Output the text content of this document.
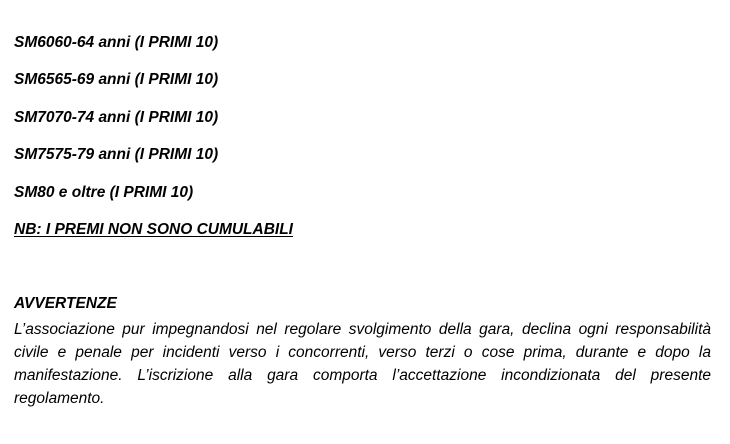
SM6060-64 anni (I PRIMI 10)
SM6565-69 anni (I PRIMI 10)
SM7070-74 anni (I PRIMI 10)
SM7575-79 anni (I PRIMI 10)
SM80 e oltre (I PRIMI 10)
NB: I PREMI NON SONO CUMULABILI
AVVERTENZE
L’associazione pur impegnandosi nel regolare svolgimento della gara, declina ogni responsabilità civile e penale per incidenti verso i concorrenti, verso terzi o cose prima, durante e dopo la manifestazione. L’iscrizione alla gara comporta l’accettazione incondizionata del presente regolamento.
